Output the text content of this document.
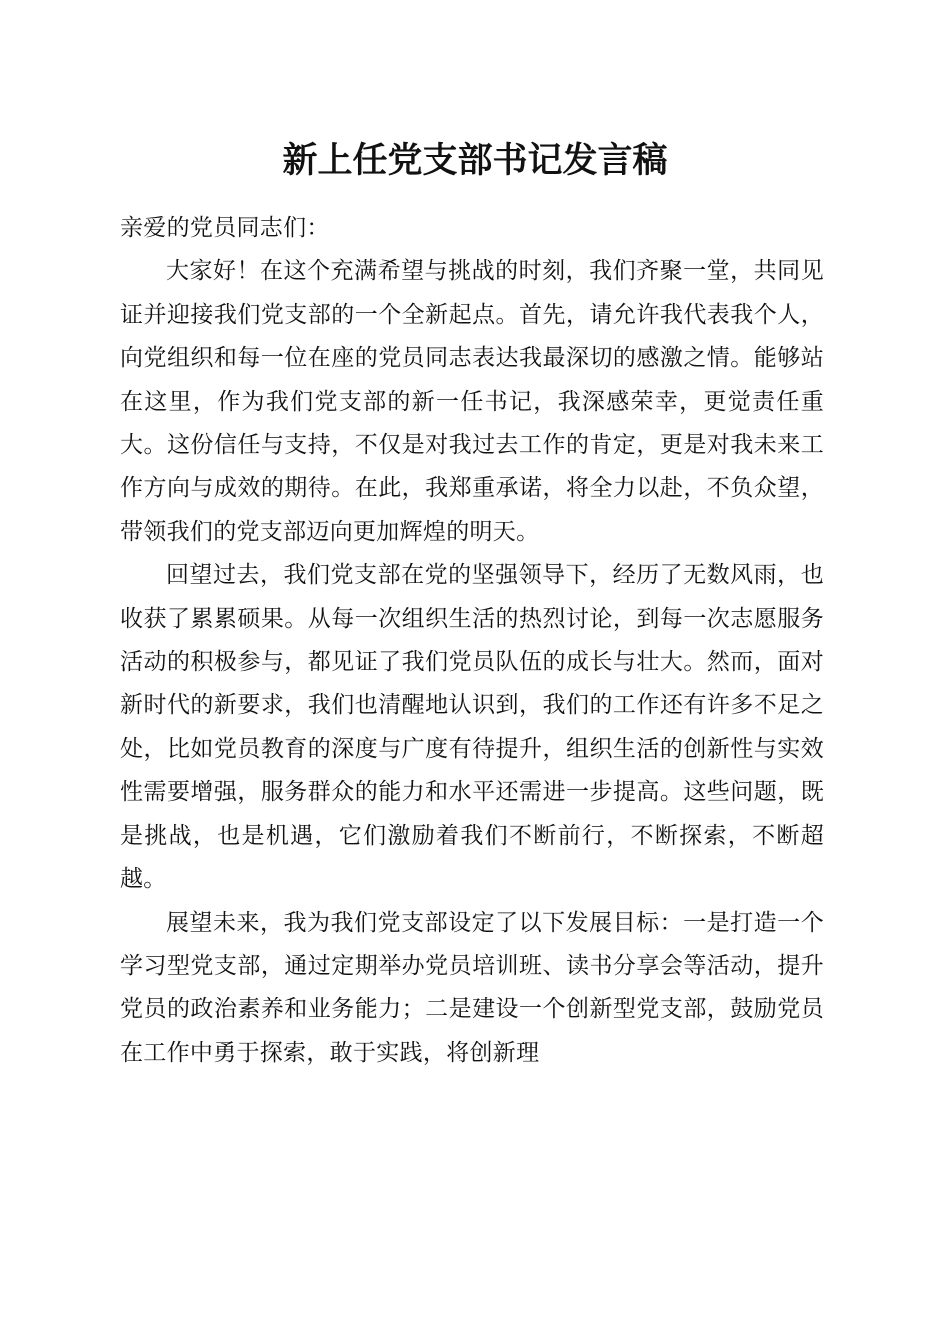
新上任党支部书记发言稿

亲爱的党员同志们：

大家好！在这个充满希望与挑战的时刻，我们齐聚一堂，共同见证并迎接我们党支部的一个全新起点。首先，请允许我代表我个人，向党组织和每一位在座的党员同志表达我最深切的感激之情。能够站在这里，作为我们党支部的新一任书记，我深感荣幸，更觉责任重大。这份信任与支持，不仅是对我过去工作的肯定，更是对我未来工作方向与成效的期待。在此，我郑重承诺，将全力以赴，不负众望，带领我们的党支部迈向更加辉煌的明天。

回望过去，我们党支部在党的坚强领导下，经历了无数风雨，也收获了累累硕果。从每一次组织生活的热烈讨论，到每一次志愿服务活动的积极参与，都见证了我们党员队伍的成长与壮大。然而，面对新时代的新要求，我们也清醒地认识到，我们的工作还有许多不足之处，比如党员教育的深度与广度有待提升，组织生活的创新性与实效性需要增强，服务群众的能力和水平还需进一步提高。这些问题，既是挑战，也是机遇，它们激励着我们不断前行，不断探索，不断超越。

展望未来，我为我们党支部设定了以下发展目标：一是打造一个学习型党支部，通过定期举办党员培训班、读书分享会等活动，提升党员的政治素养和业务能力；二是建设一个创新型党支部，鼓励党员在工作中勇于探索，敢于实践，将创新理
